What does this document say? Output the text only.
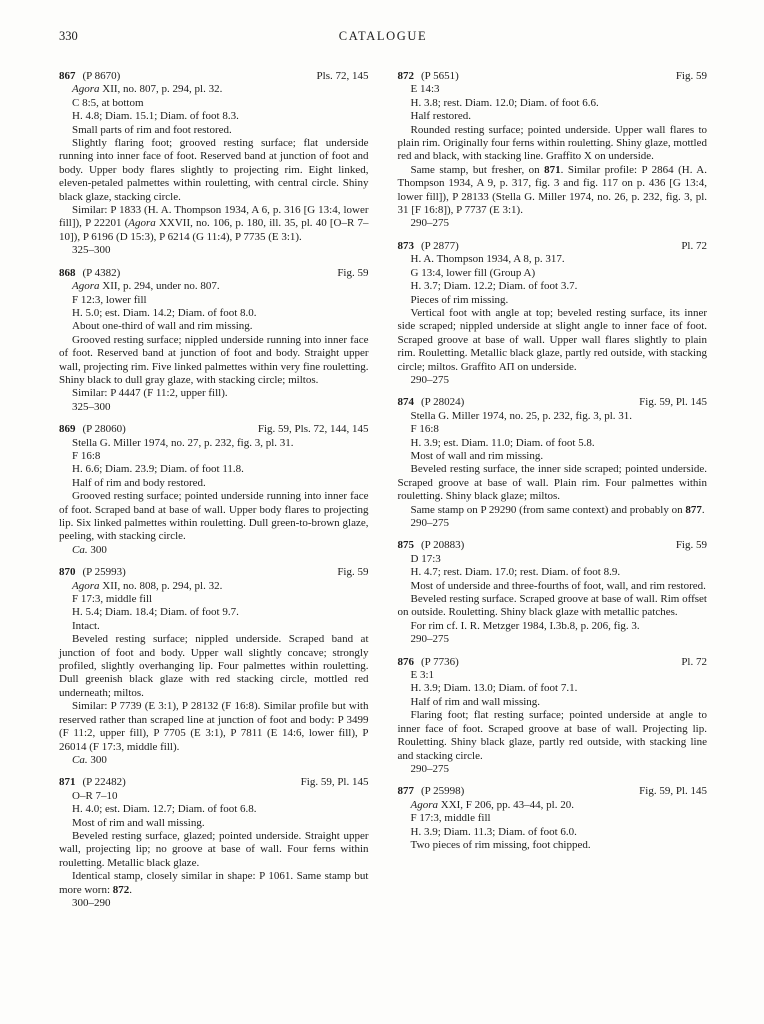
330	CATALOGUE
867 (P 8670)	Pls. 72, 145

Agora XII, no. 807, p. 294, pl. 32.

C 8:5, at bottom

H. 4.8; Diam. 15.1; Diam. of foot 8.3.

Small parts of rim and foot restored.

Slightly flaring foot; grooved resting surface; flat underside running into inner face of foot. Reserved band at junction of foot and body. Upper body flares slightly to projecting rim. Eight linked, eleven-petaled palmettes within rouletting, with central circle. Shiny black glaze, stacking circle.

Similar: P 1833 (H. A. Thompson 1934, A 6, p. 316 [G 13:4, lower fill]), P 22201 (Agora XXVII, no. 106, p. 180, ill. 35, pl. 40 [O–R 7–10]), P 6196 (D 15:3), P 6214 (G 11:4), P 7735 (E 3:1).

325–300

868 (P 4382)	Fig. 59

Agora XII, p. 294, under no. 807.

F 12:3, lower fill

H. 5.0; est. Diam. 14.2; Diam. of foot 8.0.

About one-third of wall and rim missing.

Grooved resting surface; nippled underside running into inner face of foot. Reserved band at junction of foot and body. Straight upper wall, projecting rim. Five linked palmettes within very fine rouletting. Shiny black to dull gray glaze, with stacking circle; miltos.

Similar: P 4447 (F 11:2, upper fill).

325–300

869 (P 28060)	Fig. 59, Pls. 72, 144, 145

Stella G. Miller 1974, no. 27, p. 232, fig. 3, pl. 31.

F 16:8

H. 6.6; Diam. 23.9; Diam. of foot 11.8.

Half of rim and body restored.

Grooved resting surface; pointed underside running into inner face of foot. Scraped band at base of wall. Upper body flares to projecting lip. Six linked palmettes within rouletting. Dull green-to-brown glaze, peeling, with stacking circle.

Ca. 300

870 (P 25993)	Fig. 59

Agora XII, no. 808, p. 294, pl. 32.

F 17:3, middle fill

H. 5.4; Diam. 18.4; Diam. of foot 9.7.

Intact.

Beveled resting surface; nippled underside. Scraped band at junction of foot and body. Upper wall slightly concave; strongly profiled, slightly overhanging lip. Four palmettes within rouletting. Dull greenish black glaze with red stacking circle, mottled red underneath; miltos.

Similar: P 7739 (E 3:1), P 28132 (F 16:8). Similar profile but with reserved rather than scraped line at junction of foot and body: P 3499 (F 11:2, upper fill), P 7705 (E 3:1), P 7811 (E 14:6, lower fill), P 26014 (F 17:3, middle fill).

Ca. 300

871 (P 22482)	Fig. 59, Pl. 145

O–R 7–10

H. 4.0; est. Diam. 12.7; Diam. of foot 6.8.

Most of rim and wall missing.

Beveled resting surface, glazed; pointed underside. Straight upper wall, projecting lip; no groove at base of wall. Four ferns within rouletting. Metallic black glaze.

Identical stamp, closely similar in shape: P 1061. Same stamp but more worn: 872.

300–290

872 (P 5651)	Fig. 59

E 14:3

H. 3.8; rest. Diam. 12.0; Diam. of foot 6.6.

Half restored.

Rounded resting surface; pointed underside. Upper wall flares to plain rim. Originally four ferns within rouletting. Shiny glaze, mottled red and black, with stacking line. Graffito X on underside.

Same stamp, but fresher, on 871. Similar profile: P 2864 (H. A. Thompson 1934, A 9, p. 317, fig. 3 and fig. 117 on p. 436 [G 13:4, lower fill]), P 28133 (Stella G. Miller 1974, no. 26, p. 232, fig. 3, pl. 31 [F 16:8]), P 7737 (E 3:1).

290–275

873 (P 2877)	Pl. 72

H. A. Thompson 1934, A 8, p. 317.

G 13:4, lower fill (Group A)

H. 3.7; Diam. 12.2; Diam. of foot 3.7.

Pieces of rim missing.

Vertical foot with angle at top; beveled resting surface, its inner side scraped; nippled underside at slight angle to inner face of foot. Scraped groove at base of wall. Upper wall flares slightly to plain rim. Rouletting. Metallic black glaze, partly red outside, with stacking circle; miltos. Graffito ΑΠ on underside.

290–275

874 (P 28024)	Fig. 59, Pl. 145

Stella G. Miller 1974, no. 25, p. 232, fig. 3, pl. 31.

F 16:8

H. 3.9; est. Diam. 11.0; Diam. of foot 5.8.

Most of wall and rim missing.

Beveled resting surface, the inner side scraped; pointed underside. Scraped groove at base of wall. Plain rim. Four palmettes within rouletting. Shiny black glaze; miltos.

Same stamp on P 29290 (from same context) and probably on 877.

290–275

875 (P 20883)	Fig. 59

D 17:3

H. 4.7; rest. Diam. 17.0; rest. Diam. of foot 8.9.

Most of underside and three-fourths of foot, wall, and rim restored.

Beveled resting surface. Scraped groove at base of wall. Rim offset on outside. Rouletting. Shiny black glaze with metallic patches.

For rim cf. I. R. Metzger 1984, I.3b.8, p. 206, fig. 3.

290–275

876 (P 7736)	Pl. 72

E 3:1

H. 3.9; Diam. 13.0; Diam. of foot 7.1.

Half of rim and wall missing.

Flaring foot; flat resting surface; pointed underside at angle to inner face of foot. Scraped groove at base of wall. Projecting lip. Rouletting. Shiny black glaze, partly red outside, with stacking line and stacking circle.

290–275

877 (P 25998)	Fig. 59, Pl. 145

Agora XXI, F 206, pp. 43–44, pl. 20.

F 17:3, middle fill

H. 3.9; Diam. 11.3; Diam. of foot 6.0.

Two pieces of rim missing, foot chipped.
